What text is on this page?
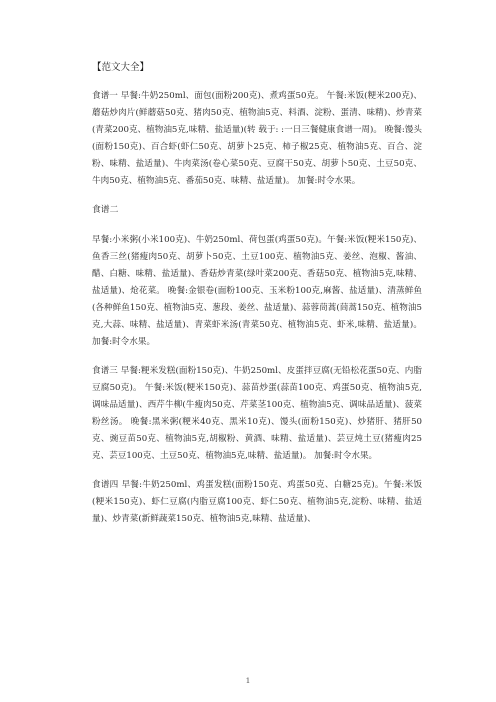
【范文大全】

食谱一 早餐:牛奶250ml、面包(面粉200克)、煮鸡蛋50克。 午餐:米饭(粳米200克)、蘑菇炒肉片(鲜蘑菇50克、猪肉50克、植物油5克、料酒、淀粉、蛋清、味精)、炒青菜(青菜200克、植物油5克,味精、盐适量)(转 载于: :一日三餐健康食谱一周)。 晚餐:馒头(面粉150克)、百合虾(虾仁50克、胡萝卜25克、柿子椒25克、植物油5克、百合、淀粉、味精、盐适量)、牛肉菜汤(卷心菜50克、豆腐干50克、胡萝卜50克、土豆50克、牛肉50克、植物油5克、番茄50克、味精、盐适量)。 加餐:时令水果。

食谱二

早餐:小米粥(小米100克)、牛奶250ml、荷包蛋(鸡蛋50克)。午餐:米饭(粳米150克)、鱼香三丝(猪瘦肉50克、胡萝卜50克、土豆100克、植物油5克、姜丝、泡椒、酱油、醋、白糖、味精、盐适量)、香菇炒青菜(绿叶菜200克、香菇50克、植物油5克,味精、盐适量)、炝花菜。 晚餐:金银卷(面粉100克、玉米粉100克,麻酱、盐适量)、清蒸鲜鱼(各种鲜鱼150克、植物油5克、葱段、姜丝、盐适量)、蒜蓉茼蒿(茼蒿150克、植物油5克,大蒜、味精、盐适量)、青菜虾米汤(青菜50克、植物油5克、虾米,味精、盐适量)。 加餐:时令水果。

食谱三 早餐:粳米发糕(面粉150克)、牛奶250ml、皮蛋拌豆腐(无铅松花蛋50克、内脂豆腐50克)。 午餐:米饭(粳米150克)、蒜苗炒蛋(蒜苗100克、鸡蛋50克、植物油5克,调味品适量)、西芹牛柳(牛瘦肉50克、芹菜茎100克、植物油5克、调味品适量)、菠菜粉丝汤。 晚餐:黑米粥(粳米40克、黑米10克)、馒头(面粉150克)、炒猪肝、猪肝50克、豌豆苗50克、植物油5克,胡椒粉、黄酒、味精、盐适量)、芸豆炖土豆(猪瘦肉25克、芸豆100克、土豆50克、植物油5克,味精、盐适量)。 加餐:时令水果。

食谱四 早餐:牛奶250ml、鸡蛋发糕(面粉150克、鸡蛋50克、白糖25克)。午餐:米饭(粳米150克)、虾仁豆腐(内脂豆腐100克、虾仁50克、植物油5克,淀粉、味精、盐适量)、炒青菜(新鲜蔬菜150克、植物油5克,味精、盐适量)、

1
